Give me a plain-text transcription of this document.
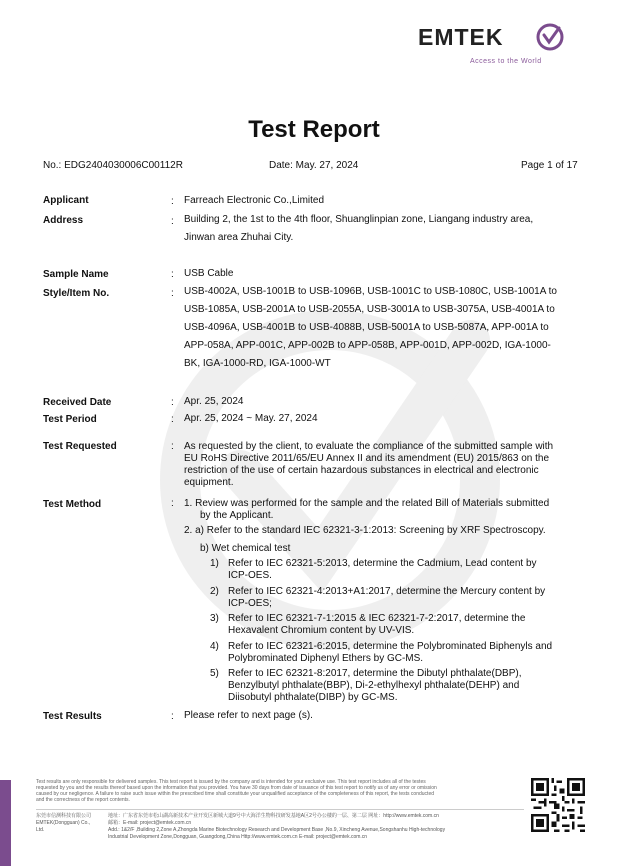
EMTEK
Access to the World
Test Report
No.: EDG2404030006C00112R	Date: May. 27, 2024	Page 1 of 17
Applicant	: Farreach Electronic Co.,Limited
Address	: Building 2, the 1st to the 4th floor, Shuanglinpian zone, Liangang industry area,
Jinwan area Zhuhai City.
Sample Name	: USB Cable
Style/Item No.	: USB-4002A, USB-1001B to USB-1096B, USB-1001C to USB-1080C, USB-1001A to
USB-1085A, USB-2001A to USB-2055A, USB-3001A to USB-3075A, USB-4001A to
USB-4096A, USB-4001B to USB-4088B, USB-5001A to USB-5087A, APP-001A to
APP-058A, APP-001C, APP-002B to APP-058B, APP-001D, APP-002D, IGA-1000-
BK, IGA-1000-RD, IGA-1000-WT
Received Date	: Apr. 25, 2024
Test Period	: Apr. 25, 2024 ~ May. 27, 2024
Test Requested	: As requested by the client, to evaluate the compliance of the submitted sample with
EU RoHS Directive 2011/65/EU Annex II and its amendment (EU) 2015/863 on the
restriction of the use of certain hazardous substances in electrical and electronic
equipment.
Test Method	: 1. Review was performed for the sample and the related Bill of Materials submitted
by the Applicant.
2. a) Refer to the standard IEC 62321-3-1:2013: Screening by XRF Spectroscopy.
b) Wet chemical test
1) Refer to IEC 62321-5:2013, determine the Cadmium, Lead content by
ICP-OES.
2) Refer to IEC 62321-4:2013+A1:2017, determine the Mercury content by
ICP-OES;
3) Refer to IEC 62321-7-1:2015 & IEC 62321-7-2:2017, determine the
Hexavalent Chromium content by UV-VIS.
4) Refer to IEC 62321-6:2015, determine the Polybrominated Biphenyls and
Polybrominated Diphenyl Ethers by GC-MS.
5) Refer to IEC 62321-8:2017, determine the Dibutyl phthalate(DBP),
Benzylbutyl phthalate(BBP), Di-2-ethylhexyl phthalate(DEHP) and
Diisobutyl phthalate(DIBP) by GC-MS.
Test Results	: Please refer to next page (s).
Test results are only responsible for delivered samples. This test report is issued by the company and is intended for your exclusive use. This test report includes all of the testes
requested by you and the results thereof based upon the information that you provided. You have 30 days from date of issuance of this test report to notify us of any error or omission
caused by our negligence. A failure to raise such issue within the prescribed time shall constitute your unqualified acceptance of the completeness of this report, the tests conducted
and the correctness of the report contents.
东莞市信测科技有限公司
EMTEK(Dongguan) Co., Ltd.
地址：广东省东莞市松山湖高新技术产业开发区新城大道9号中大海洋生物科技研发基地A区2号办公楼的一层、第二层 网址：http://www.emtek.com.cn
邮箱：E-mail: project@emtek.com.cn
Add.: 1&2/F ,Building 2,Zone A,Zhongda Marine Biotechnology Research and Development Base ,No.9, Xincheng Avenue,Songshanhu High-technology
Industrial Development Zone,Dongguan, Guangdong,China Http://www.emtek.com.cn E-mail: project@emtek.com.cn
